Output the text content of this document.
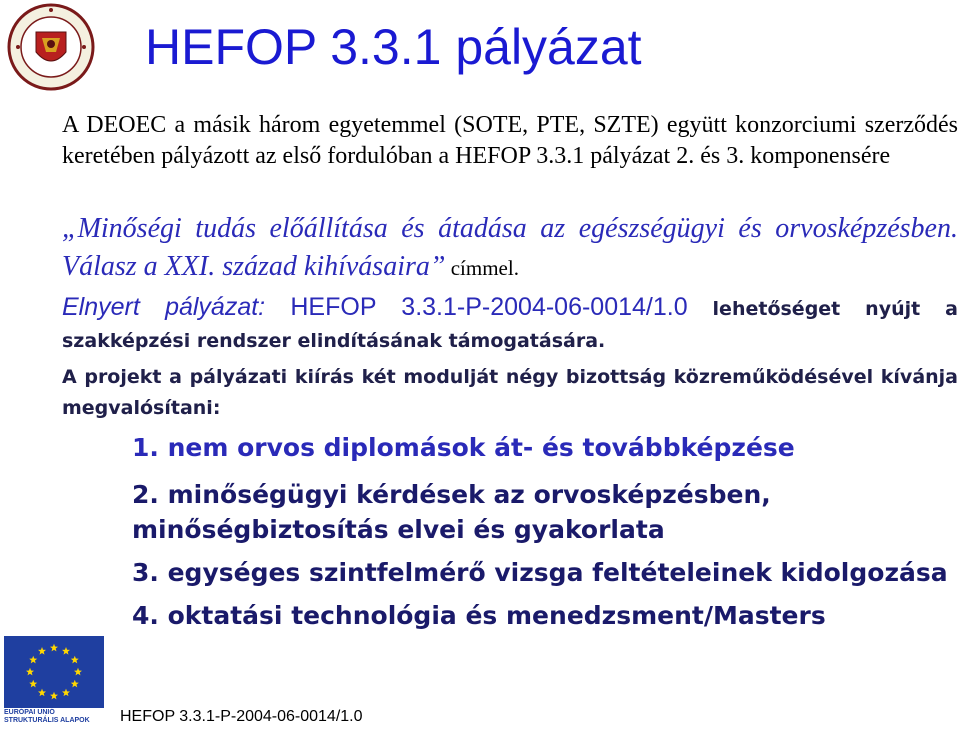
HEFOP 3.3.1 pályázat
A DEOEC a másik három egyetemmel (SOTE, PTE, SZTE) együtt konzorciumi szerződés keretében pályázott az első fordulóban a HEFOP 3.3.1 pályázat 2. és 3. komponensére
„Minőségi tudás előállítása és átadása az egészségügyi és orvosképzésben. Válasz a XXI. század kihívásaira” címmel.
Elnyert pályázat: HEFOP 3.3.1-P-2004-06-0014/1.0 lehetőséget nyújt a szakképzési rendszer elindításának támogatására.
A projekt a pályázati kiírás két modulját négy bizottság közreműködésével kívánja megvalósítani:
1. nem orvos diplomások át- és továbbképzése
2. minőségügyi kérdések az orvosképzésben,
minőségbiztosítás elvei és gyakorlata
3. egységes szintfelmérő vizsga feltételeinek kidolgozása
4. oktatási technológia és menedzsment/Masters
EURÓPAI UNIÓ STRUKTURÁLIS ALAPOK	HEFOP 3.3.1-P-2004-06-0014/1.0
